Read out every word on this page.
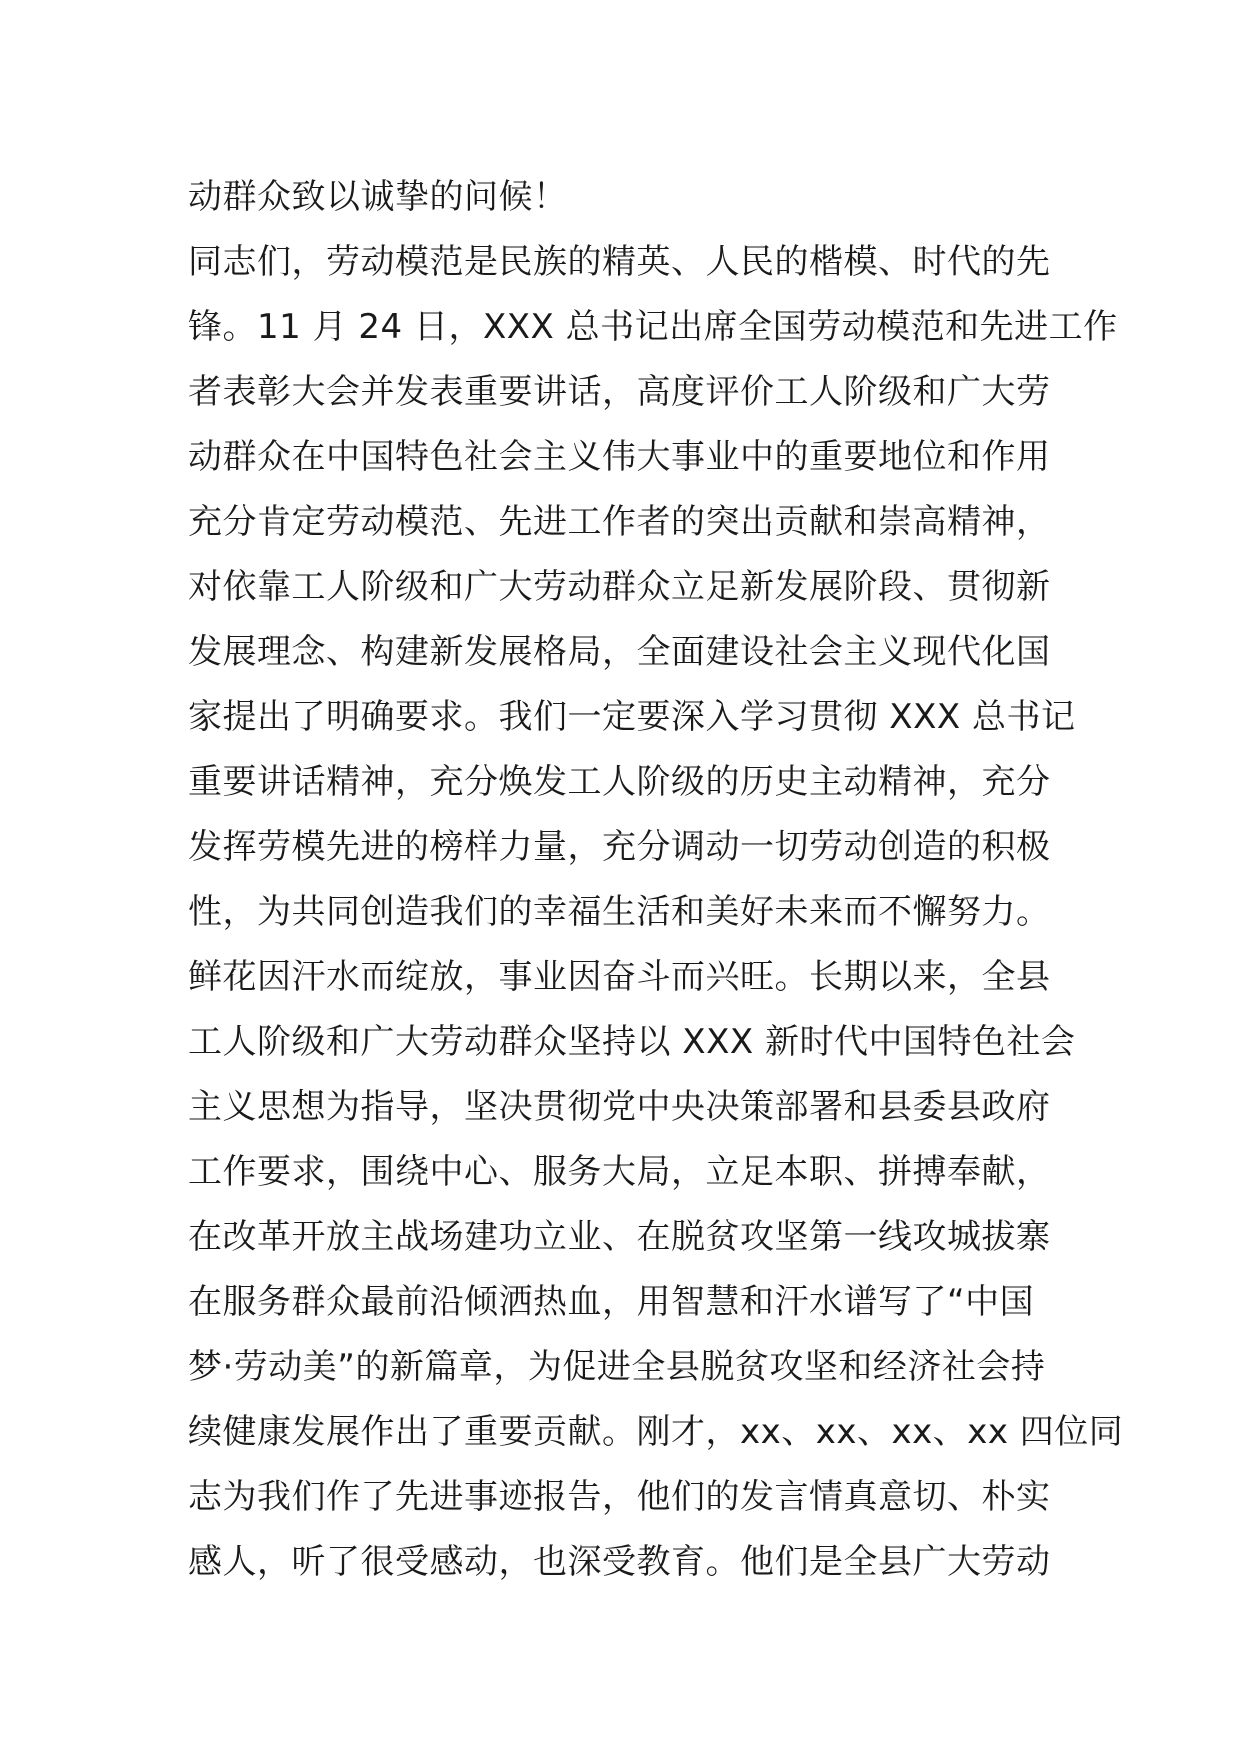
动群众致以诚挚的问候！
同志们，劳动模范是民族的精英、人民的楷模、时代的先
锋。11 月 24 日，XXX 总书记出席全国劳动模范和先进工作
者表彰大会并发表重要讲话，高度评价工人阶级和广大劳
动群众在中国特色社会主义伟大事业中的重要地位和作用
充分肯定劳动模范、先进工作者的突出贡献和崇高精神，
对依靠工人阶级和广大劳动群众立足新发展阶段、贯彻新
发展理念、构建新发展格局，全面建设社会主义现代化国
家提出了明确要求。我们一定要深入学习贯彻 XXX 总书记
重要讲话精神，充分焕发工人阶级的历史主动精神，充分
发挥劳模先进的榜样力量，充分调动一切劳动创造的积极
性，为共同创造我们的幸福生活和美好未来而不懈努力。
鲜花因汗水而绽放，事业因奋斗而兴旺。长期以来，全县
工人阶级和广大劳动群众坚持以 XXX 新时代中国特色社会
主义思想为指导，坚决贯彻党中央决策部署和县委县政府
工作要求，围绕中心、服务大局，立足本职、拼搏奉献，
在改革开放主战场建功立业、在脱贫攻坚第一线攻城拔寨
在服务群众最前沿倾洒热血，用智慧和汗水谱写了“中国
梦·劳动美”的新篇章，为促进全县脱贫攻坚和经济社会持
续健康发展作出了重要贡献。刚才，xx、xx、xx、xx 四位同
志为我们作了先进事迹报告，他们的发言情真意切、朴实
感人，听了很受感动，也深受教育。他们是全县广大劳动
